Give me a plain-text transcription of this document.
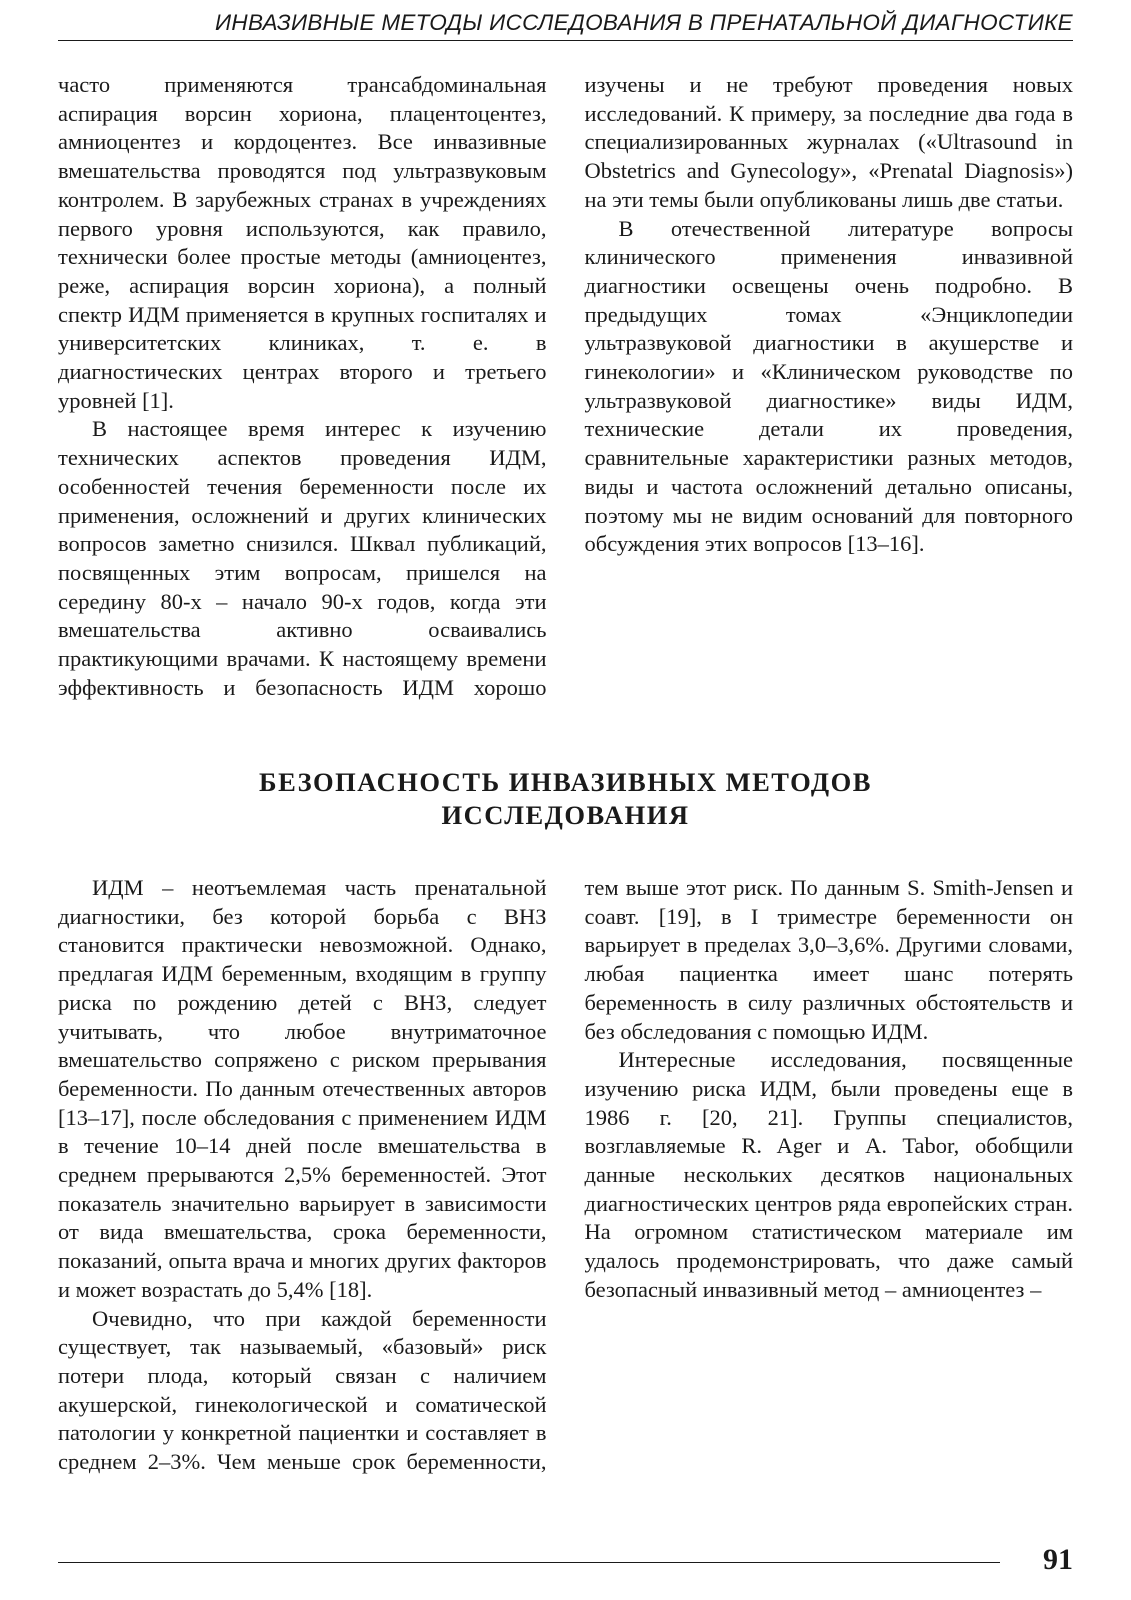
ИНВАЗИВНЫЕ МЕТОДЫ ИССЛЕДОВАНИЯ В ПРЕНАТАЛЬНОЙ ДИАГНОСТИКЕ

часто применяются трансабдоминальная аспирация ворсин хориона, плацентоцентез, амниоцентез и кордоцентез. Все инвазивные вмешательства проводятся под ультразвуковым контролем. В зарубежных странах в учреждениях первого уровня используются, как правило, технически более простые методы (амниоцентез, реже, аспирация ворсин хориона), а полный спектр ИДМ применяется в крупных госпиталях и университетских клиниках, т. е. в диагностических центрах второго и третьего уровней [1].

В настоящее время интерес к изучению технических аспектов проведения ИДМ, особенностей течения беременности после их применения, осложнений и других клинических вопросов заметно снизился. Шквал публикаций, посвященных этим вопросам, пришелся на середину 80-х – начало 90-х годов, когда эти вмешательства активно осваивались практикующими врачами. К настоящему времени эффективность и безопасность ИДМ хорошо изучены и не требуют проведения новых исследований. К примеру, за последние два года в специализированных журналах («Ultrasound in Obstetrics and Gynecology», «Prenatal Diagnosis») на эти темы были опубликованы лишь две статьи.

В отечественной литературе вопросы клинического применения инвазивной диагностики освещены очень подробно. В предыдущих томах «Энциклопедии ультразвуковой диагностики в акушерстве и гинекологии» и «Клиническом руководстве по ультразвуковой диагностике» виды ИДМ, технические детали их проведения, сравнительные характеристики разных методов, виды и частота осложнений детально описаны, поэтому мы не видим оснований для повторного обсуждения этих вопросов [13–16].

БЕЗОПАСНОСТЬ ИНВАЗИВНЫХ МЕТОДОВ
ИССЛЕДОВАНИЯ

ИДМ – неотъемлемая часть пренатальной диагностики, без которой борьба с ВНЗ становится практически невозможной. Однако, предлагая ИДМ беременным, входящим в группу риска по рождению детей с ВНЗ, следует учитывать, что любое внутриматочное вмешательство сопряжено с риском прерывания беременности. По данным отечественных авторов [13–17], после обследования с применением ИДМ в течение 10–14 дней после вмешательства в среднем прерываются 2,5% беременностей. Этот показатель значительно варьирует в зависимости от вида вмешательства, срока беременности, показаний, опыта врача и многих других факторов и может возрастать до 5,4% [18].

Очевидно, что при каждой беременности существует, так называемый, «базовый» риск потери плода, который связан с наличием акушерской, гинекологической и соматической патологии у конкретной пациентки и составляет в среднем 2–3%. Чем меньше срок беременности, тем выше этот риск. По данным S. Smith-Jensen и соавт. [19], в I триместре беременности он варьирует в пределах 3,0–3,6%. Другими словами, любая пациентка имеет шанс потерять беременность в силу различных обстоятельств и без обследования с помощью ИДМ.

Интересные исследования, посвященные изучению риска ИДМ, были проведены еще в 1986 г. [20, 21]. Группы специалистов, возглавляемые R. Ager и A. Tabor, обобщили данные нескольких десятков национальных диагностических центров ряда европейских стран. На огромном статистическом материале им удалось продемонстрировать, что даже самый безопасный инвазивный метод – амниоцентез –

91
